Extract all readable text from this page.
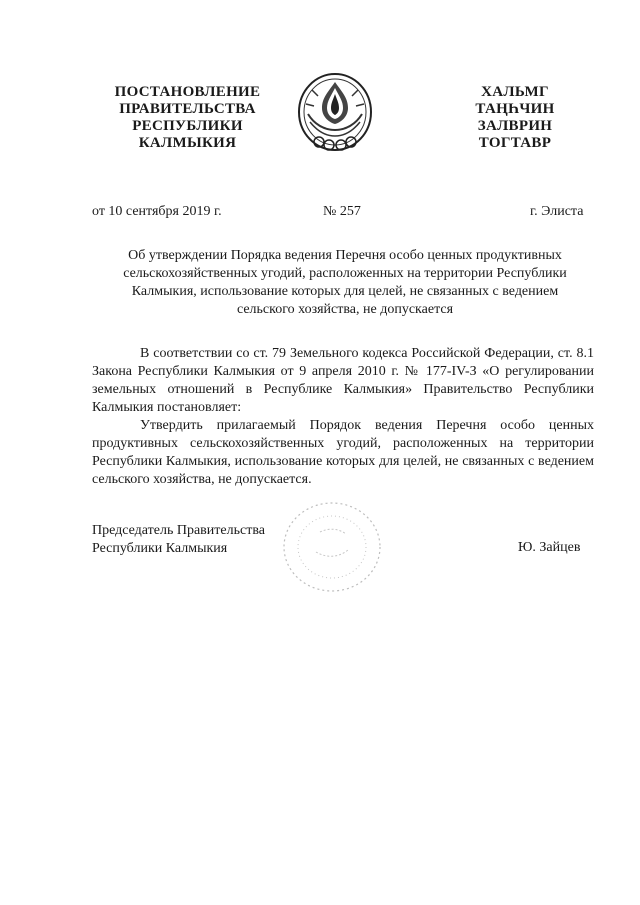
ПОСТАНОВЛЕНИЕ
ПРАВИТЕЛЬСТВА
РЕСПУБЛИКИ
КАЛМЫКИЯ
ХАЛЬМГ
ТАҢҺЧИН
ЗАЛВРИН
ТОГТАВР
от 10 сентября 2019 г.	№ 257	г. Элиста
Об утверждении Порядка ведения Перечня особо ценных продуктивных
сельскохозяйственных угодий, расположенных на территории Республики
Калмыкия, использование которых для целей, не связанных с ведением
сельского хозяйства, не допускается

В соответствии со ст. 79 Земельного кодекса Российской Федерации, ст. 8.1 Закона Республики Калмыкия от 9 апреля 2010 г. № 177-IV-З «О регулировании земельных отношений в Республике Калмыкия» Правительство Республики Калмыкия постановляет:

Утвердить прилагаемый Порядок ведения Перечня особо ценных продуктивных сельскохозяйственных угодий, расположенных на территории Республики Калмыкия, использование которых для целей, не связанных с ведением сельского хозяйства, не допускается.

Председатель Правительства
Республики Калмыкия	Ю. Зайцев
